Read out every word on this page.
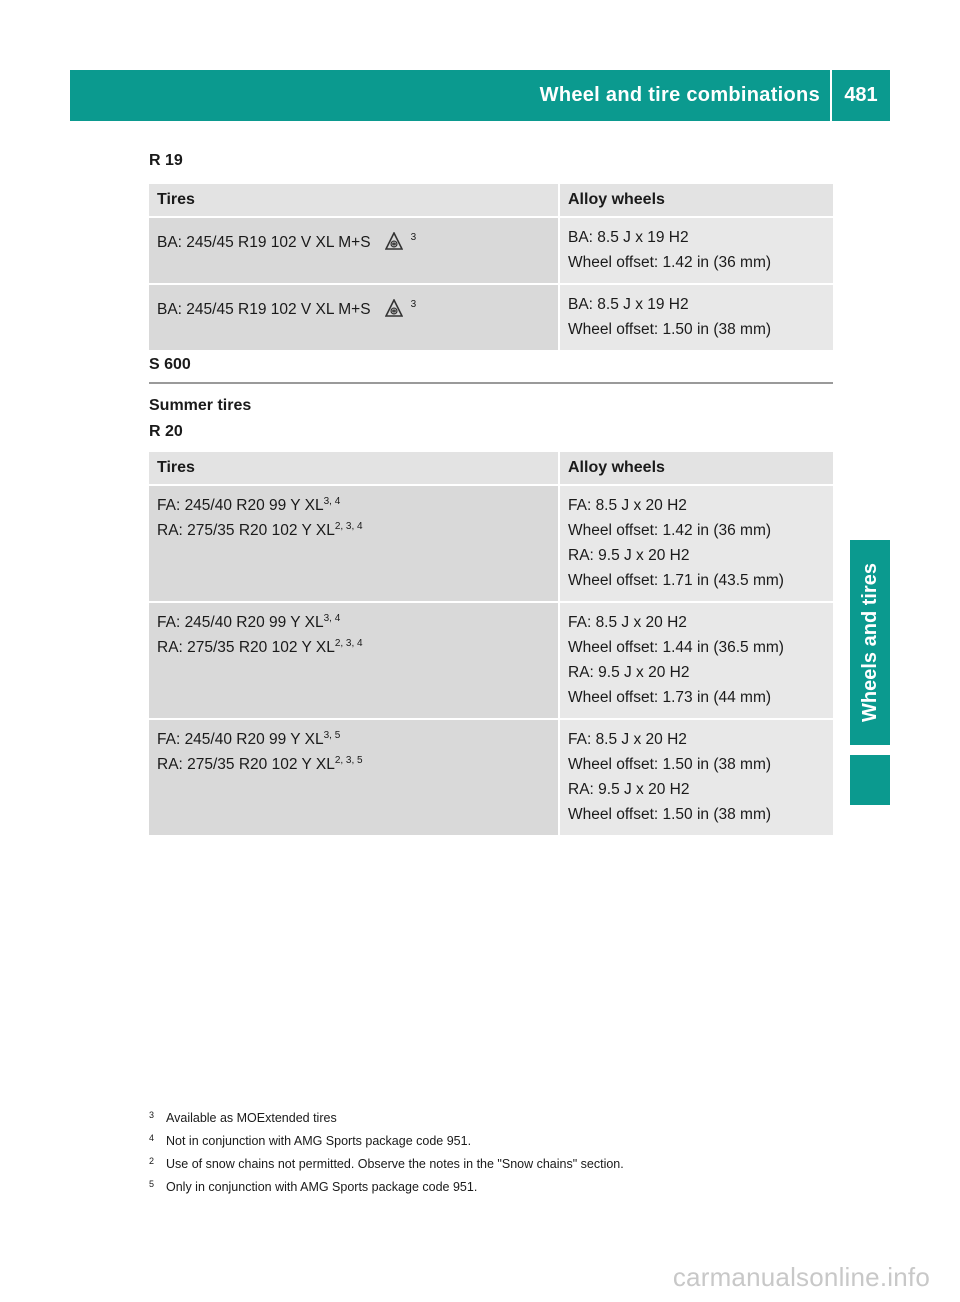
Wheel and tire combinations	481
Wheels and tires
R 19
Tires	Alloy wheels

BA: 245/45 R19 102 V XL M+S $^3$	BA: 8.5 J x 19 H2
Wheel offset: 1.42 in (36 mm)

BA: 245/45 R19 102 V XL M+S $^3$	BA: 8.5 J x 19 H2
Wheel offset: 1.50 in (38 mm)
S 600
Summer tires
R 20
Tires	Alloy wheels

FA: 245/40 R20 99 Y XL$^{3, 4}$
RA: 275/35 R20 102 Y XL$^{2, 3, 4}$	FA: 8.5 J x 20 H2
Wheel offset: 1.42 in (36 mm)
RA: 9.5 J x 20 H2
Wheel offset: 1.71 in (43.5 mm)

FA: 245/40 R20 99 Y XL$^{3, 4}$
RA: 275/35 R20 102 Y XL$^{2, 3, 4}$	FA: 8.5 J x 20 H2
Wheel offset: 1.44 in (36.5 mm)
RA: 9.5 J x 20 H2
Wheel offset: 1.73 in (44 mm)

FA: 245/40 R20 99 Y XL$^{3, 5}$
RA: 275/35 R20 102 Y XL$^{2, 3, 5}$	FA: 8.5 J x 20 H2
Wheel offset: 1.50 in (38 mm)
RA: 9.5 J x 20 H2
Wheel offset: 1.50 in (38 mm)
3 Available as MOExtended tires
4 Not in conjunction with AMG Sports package code 951.
2 Use of snow chains not permitted. Observe the notes in the "Snow chains" section.
5 Only in conjunction with AMG Sports package code 951.
carmanualsonline.info
